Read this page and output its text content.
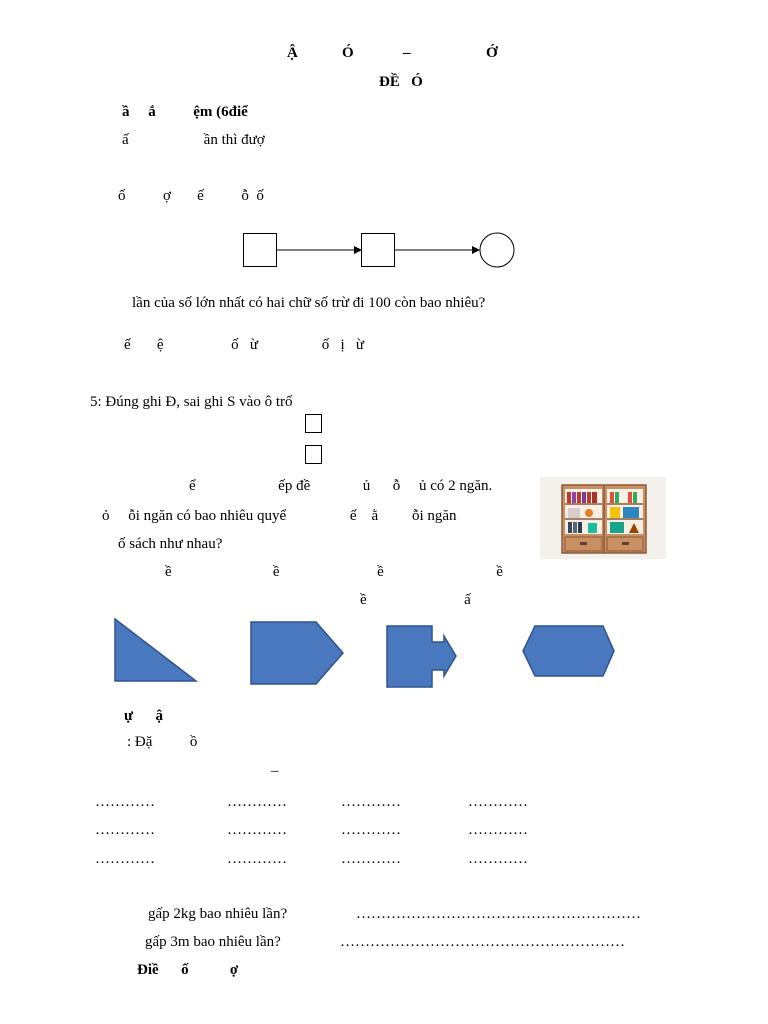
Ậ	Ó	–	Ớ
ĐỀ   Ó
ầ     ắ          ệm (6điể
ấ                    ần thì đượ
ố          ợ       ế          ỗ  ố
lần của số lớn nhất có hai chữ số trừ đi 100 còn bao nhiêu?
ế       ệ                  ố   ừ                 ố   ị   ừ
5: Đúng ghi Đ, sai ghi S vào ô trố
ể                      ếp đề              ủ      ỗ     ủ có 2 ngăn.
ỏ     ỗi ngăn có bao nhiêu quyể                 ế    ằ         ỗi ngăn
ố sách như nhau?
ề                           ề                          ề                              ề
ề                          ấ
ự      ậ
: Đặ          ồ
–
…………	…………	…………	…………
…………	…………	…………	…………
…………	…………	…………	…………
gấp 2kg bao nhiêu lần?	…………………………………………………
gấp 3m bao nhiêu lần?	…………………………………………………
Điề      ố           ợ
